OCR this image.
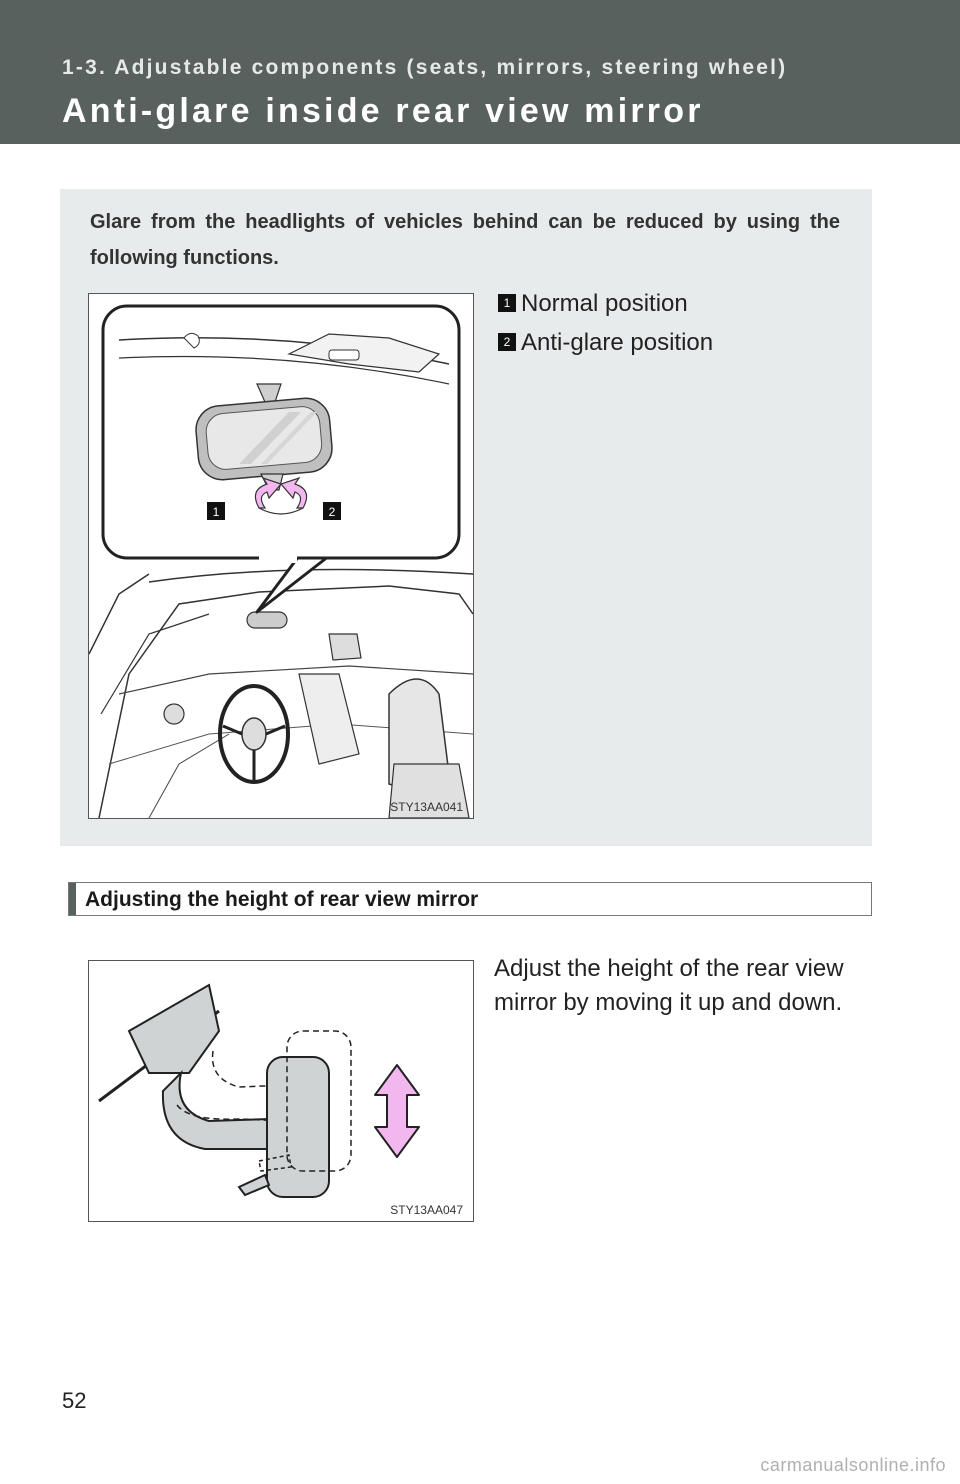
1-3. Adjustable components (seats, mirrors, steering wheel)
Anti-glare inside rear view mirror
Glare from the headlights of vehicles behind can be reduced by using the following functions.
1	2
STY13AA041
1 Normal position
2 Anti-glare position
Adjusting the height of rear view mirror
STY13AA047
Adjust the height of the rear view mirror by moving it up and down.
52
carmanualsonline.info
